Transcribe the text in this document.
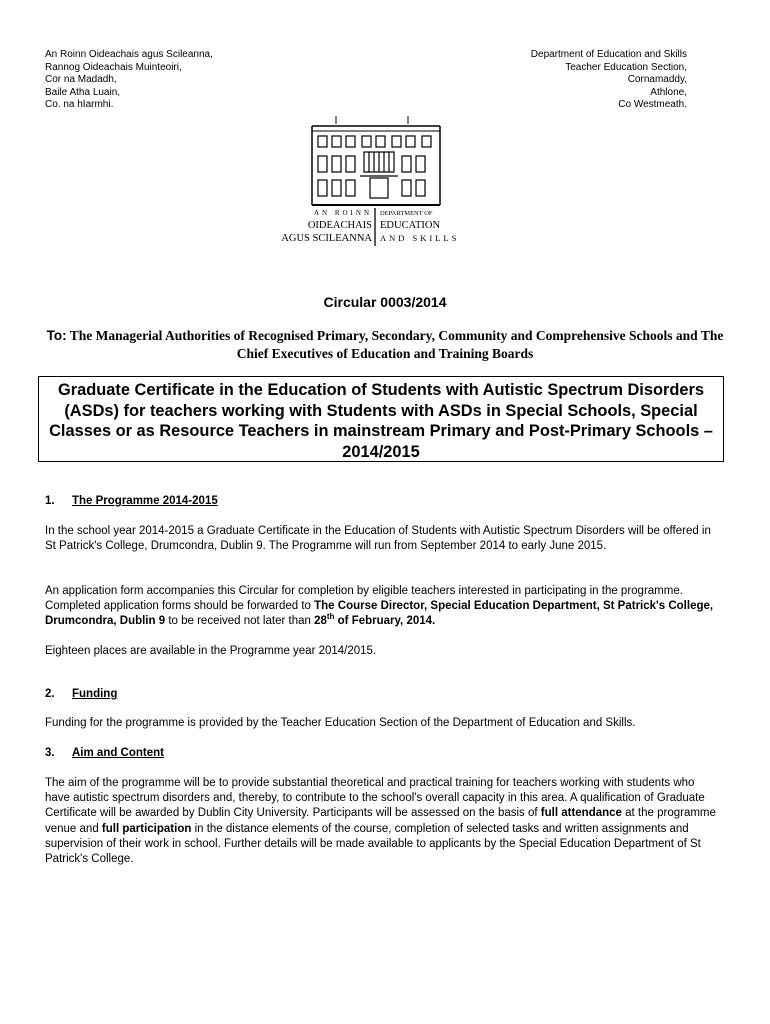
An Roinn Oideachais agus Scileanna,
Rannog Oideachais Muinteoiri,
Cor na Madadh,
Baile Atha Luain,
Co. na hIarmhi.
Department of Education and Skills
Teacher Education Section,
Cornamaddy,
Athlone,
Co Westmeath.
AN ROINN
OIDEACHAIS
AGUS SCILEANNA
DEPARTMENT OF
EDUCATION
AND SKILLS
Circular 0003/2014
To: The Managerial Authorities of Recognised Primary, Secondary, Community and Comprehensive Schools and The Chief Executives of Education and Training Boards
Graduate Certificate in the Education of Students with Autistic Spectrum Disorders (ASDs) for teachers working with Students with ASDs in Special Schools, Special Classes or as Resource Teachers in mainstream Primary and Post-Primary Schools – 2014/2015
1. The Programme 2014-2015

In the school year 2014-2015 a Graduate Certificate in the Education of Students with Autistic Spectrum Disorders will be offered in St Patrick's College, Drumcondra, Dublin 9. The Programme will run from September 2014 to early June 2015.

An application form accompanies this Circular for completion by eligible teachers interested in participating in the programme. Completed application forms should be forwarded to The Course Director, Special Education Department, St Patrick's College, Drumcondra, Dublin 9 to be received not later than 28th of February, 2014.

Eighteen places are available in the Programme year 2014/2015.

2. Funding

Funding for the programme is provided by the Teacher Education Section of the Department of Education and Skills.

3. Aim and Content

The aim of the programme will be to provide substantial theoretical and practical training for teachers working with students who have autistic spectrum disorders and, thereby, to contribute to the school's overall capacity in this area. A qualification of Graduate Certificate will be awarded by Dublin City University. Participants will be assessed on the basis of full attendance at the programme venue and full participation in the distance elements of the course, completion of selected tasks and written assignments and supervision of their work in school. Further details will be made available to applicants by the Special Education Department of St Patrick's College.
